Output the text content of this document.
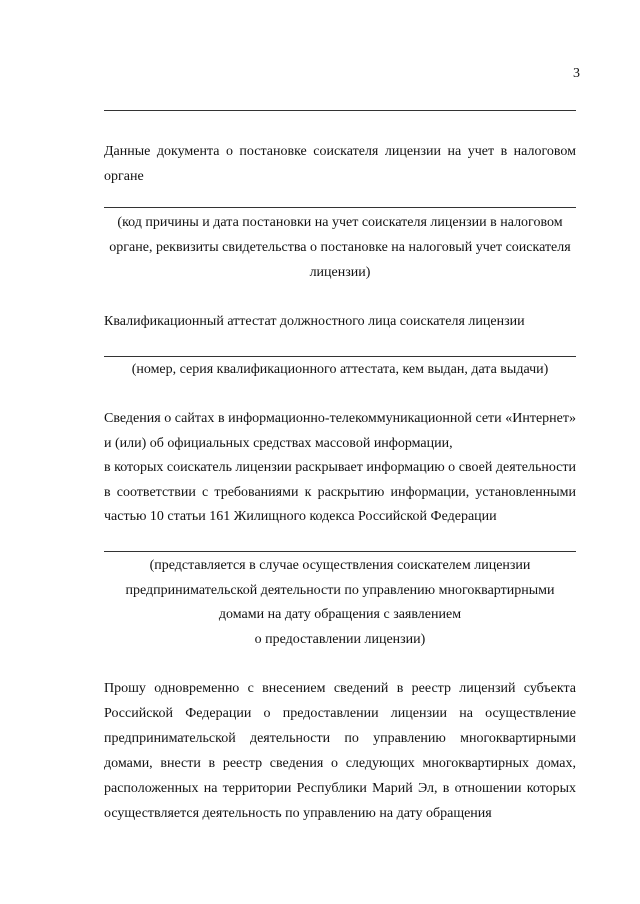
3
Данные документа о постановке соискателя лицензии на учет в налоговом
органе
(код причины и дата постановки на учет соискателя лицензии в налоговом
органе, реквизиты свидетельства о постановке на налоговый учет соискателя
лицензии)
Квалификационный аттестат должностного лица соискателя лицензии
(номер, серия квалификационного аттестата, кем выдан, дата выдачи)
Сведения о сайтах в информационно-телекоммуникационной сети «Интернет»
и (или) об официальных средствах массовой информации,
в которых соискатель лицензии раскрывает информацию о своей деятельности
в соответствии с требованиями к раскрытию информации, установленными
частью 10 статьи 161 Жилищного кодекса Российской Федерации
(представляется в случае осуществления соискателем лицензии
предпринимательской деятельности по управлению многоквартирными
домами на дату обращения с заявлением
о предоставлении лицензии)
Прошу одновременно с внесением сведений в реестр лицензий субъекта
Российской Федерации о предоставлении лицензии на осуществление
предпринимательской деятельности по управлению многоквартирными
домами, внести в реестр сведения о следующих многоквартирных домах,
расположенных на территории Республики Марий Эл, в отношении которых
осуществляется деятельность по управлению на дату обращения
